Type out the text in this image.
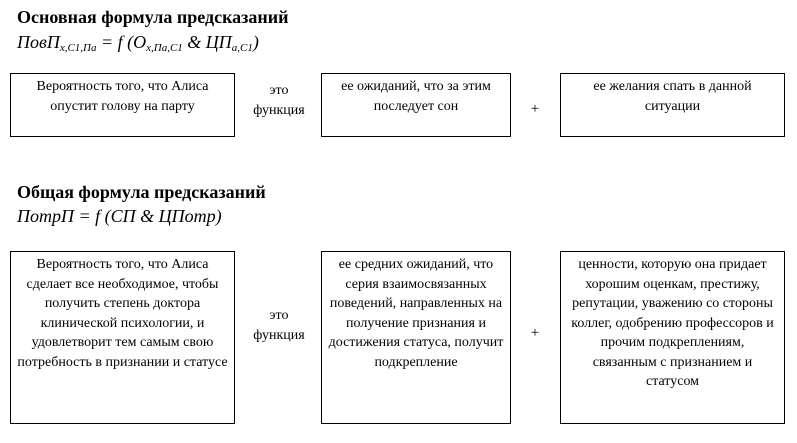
Основная формула предсказаний
ПовП$_{х,С1,Па}$ = f ($О_{х,Па,С1}$ & $ЦП_{а,С1}$)
Вероятность того, что Алиса опустит голову на парту
это функция
ее ожиданий, что за этим последует сон	+
ее желания спать в данной ситуации
Общая формула предсказаний
ПотрП = f (СП & ЦПотр)
Вероятность того, что Алиса сделает все необходимое, чтобы получить степень доктора клинической психологии, и удовлетворит тем самым свою потребность в признании и статусе
это функция
ее средних ожиданий, что серия взаимосвязанных поведений, направленных на получение признания и достижения статуса, получит подкрепление
+
ценности, которую она придает хорошим оценкам, престижу, репутации, уважению со стороны коллег, одобрению профессоров и прочим подкреплениям, связанным с признанием и статусом
